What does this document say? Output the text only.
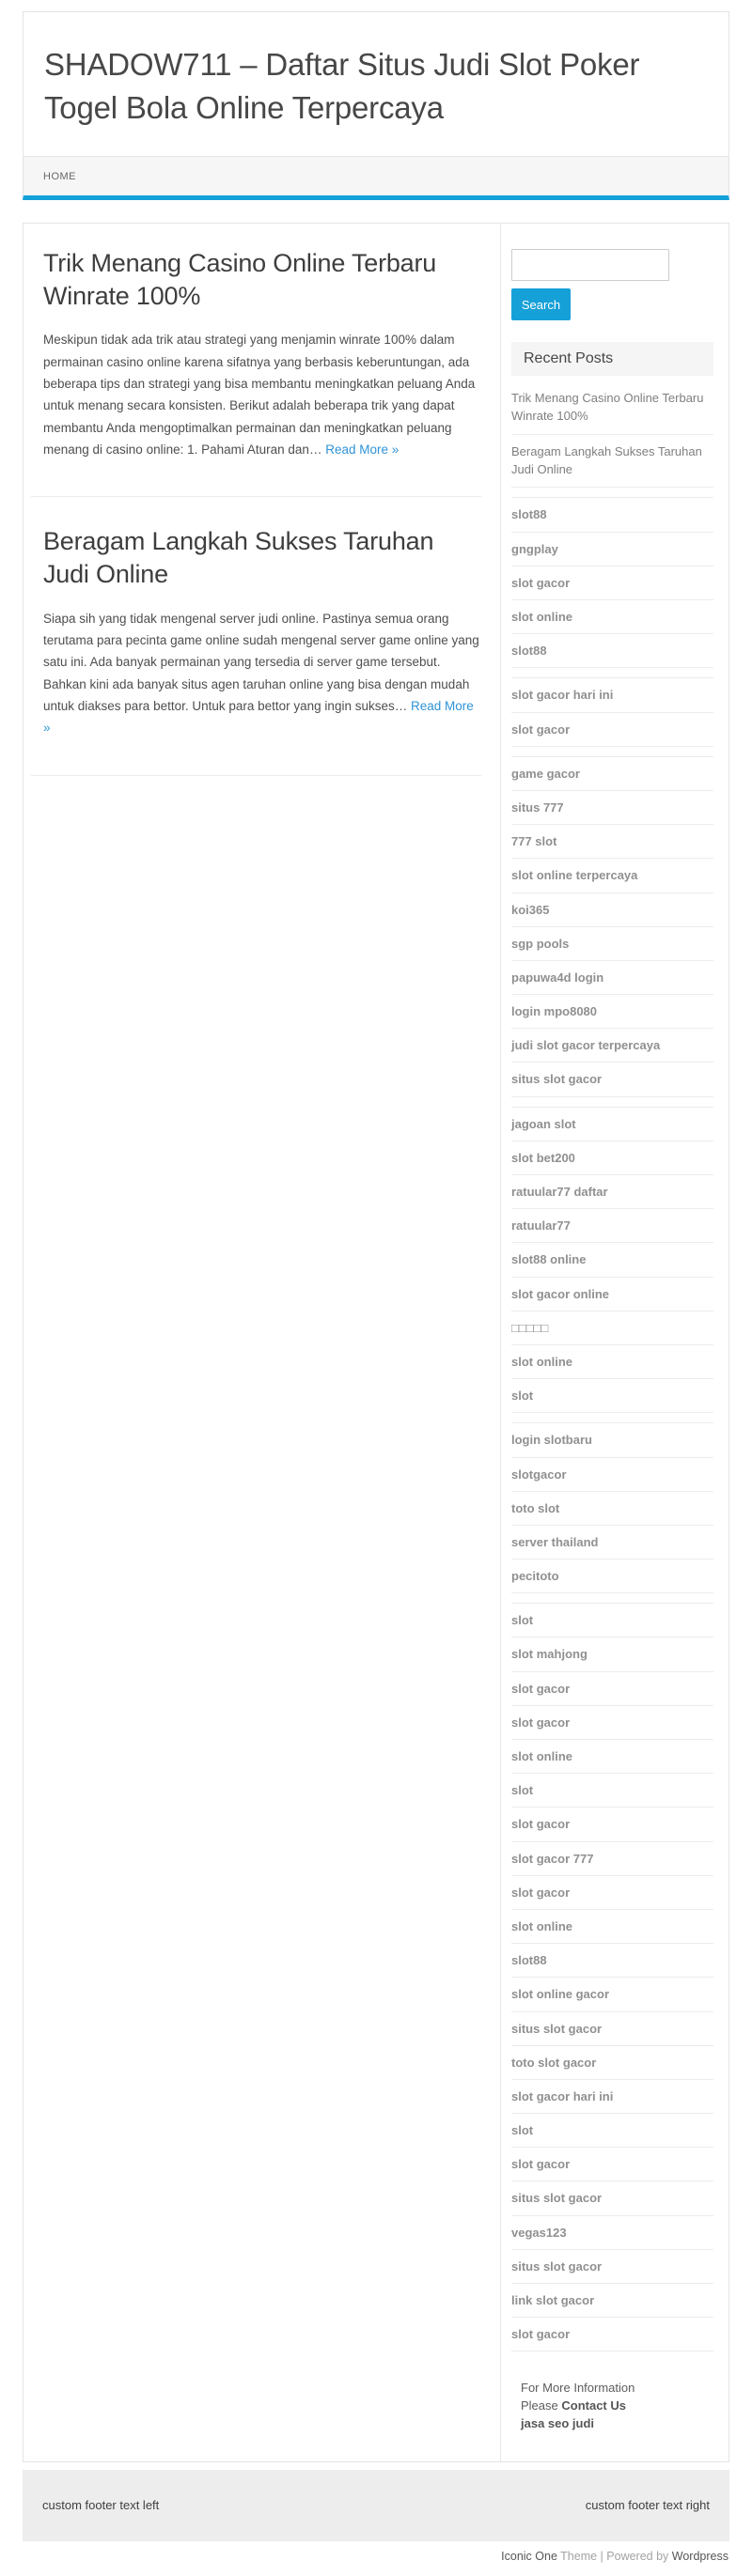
SHADOW711 – Daftar Situs Judi Slot Poker Togel Bola Online Terpercaya
HOME
Trik Menang Casino Online Terbaru Winrate 100%

Meskipun tidak ada trik atau strategi yang menjamin winrate 100% dalam permainan casino online karena sifatnya yang berbasis keberuntungan, ada beberapa tips dan strategi yang bisa membantu meningkatkan peluang Anda untuk menang secara konsisten. Berikut adalah beberapa trik yang dapat membantu Anda mengoptimalkan permainan dan meningkatkan peluang menang di casino online: 1. Pahami Aturan dan… Read More »

Beragam Langkah Sukses Taruhan Judi Online

Siapa sih yang tidak mengenal server judi online. Pastinya semua orang terutama para pecinta game online sudah mengenal server game online yang satu ini. Ada banyak permainan yang tersedia di server game tersebut. Bahkan kini ada banyak situs agen taruhan online yang bisa dengan mudah untuk diakses para bettor. Untuk para bettor yang ingin sukses… Read More »

Search
Recent Posts
Trik Menang Casino Online Terbaru Winrate 100%
Beragam Langkah Sukses Taruhan Judi Online
slot88
gngplay
slot gacor
slot online
slot88
slot gacor hari ini
slot gacor
game gacor
situs 777
777 slot
slot online terpercaya
koi365
sgp pools
papuwa4d login
login mpo8080
judi slot gacor terpercaya
situs slot gacor
jagoan slot
slot bet200
ratuular77 daftar
ratuular77
slot88 online
slot gacor online
□□□□□
slot online
slot
login slotbaru
slotgacor
toto slot
server thailand
pecitoto
slot
slot mahjong
slot gacor
slot gacor
slot online
slot
slot gacor
slot gacor 777
slot gacor
slot online
slot88
slot online gacor
situs slot gacor
toto slot gacor
slot gacor hari ini
slot
slot gacor
situs slot gacor
vegas123
situs slot gacor
link slot gacor
slot gacor
For More Information
Please Contact Us
jasa seo judi
custom footer text left	custom footer text right
Iconic One Theme | Powered by Wordpress
